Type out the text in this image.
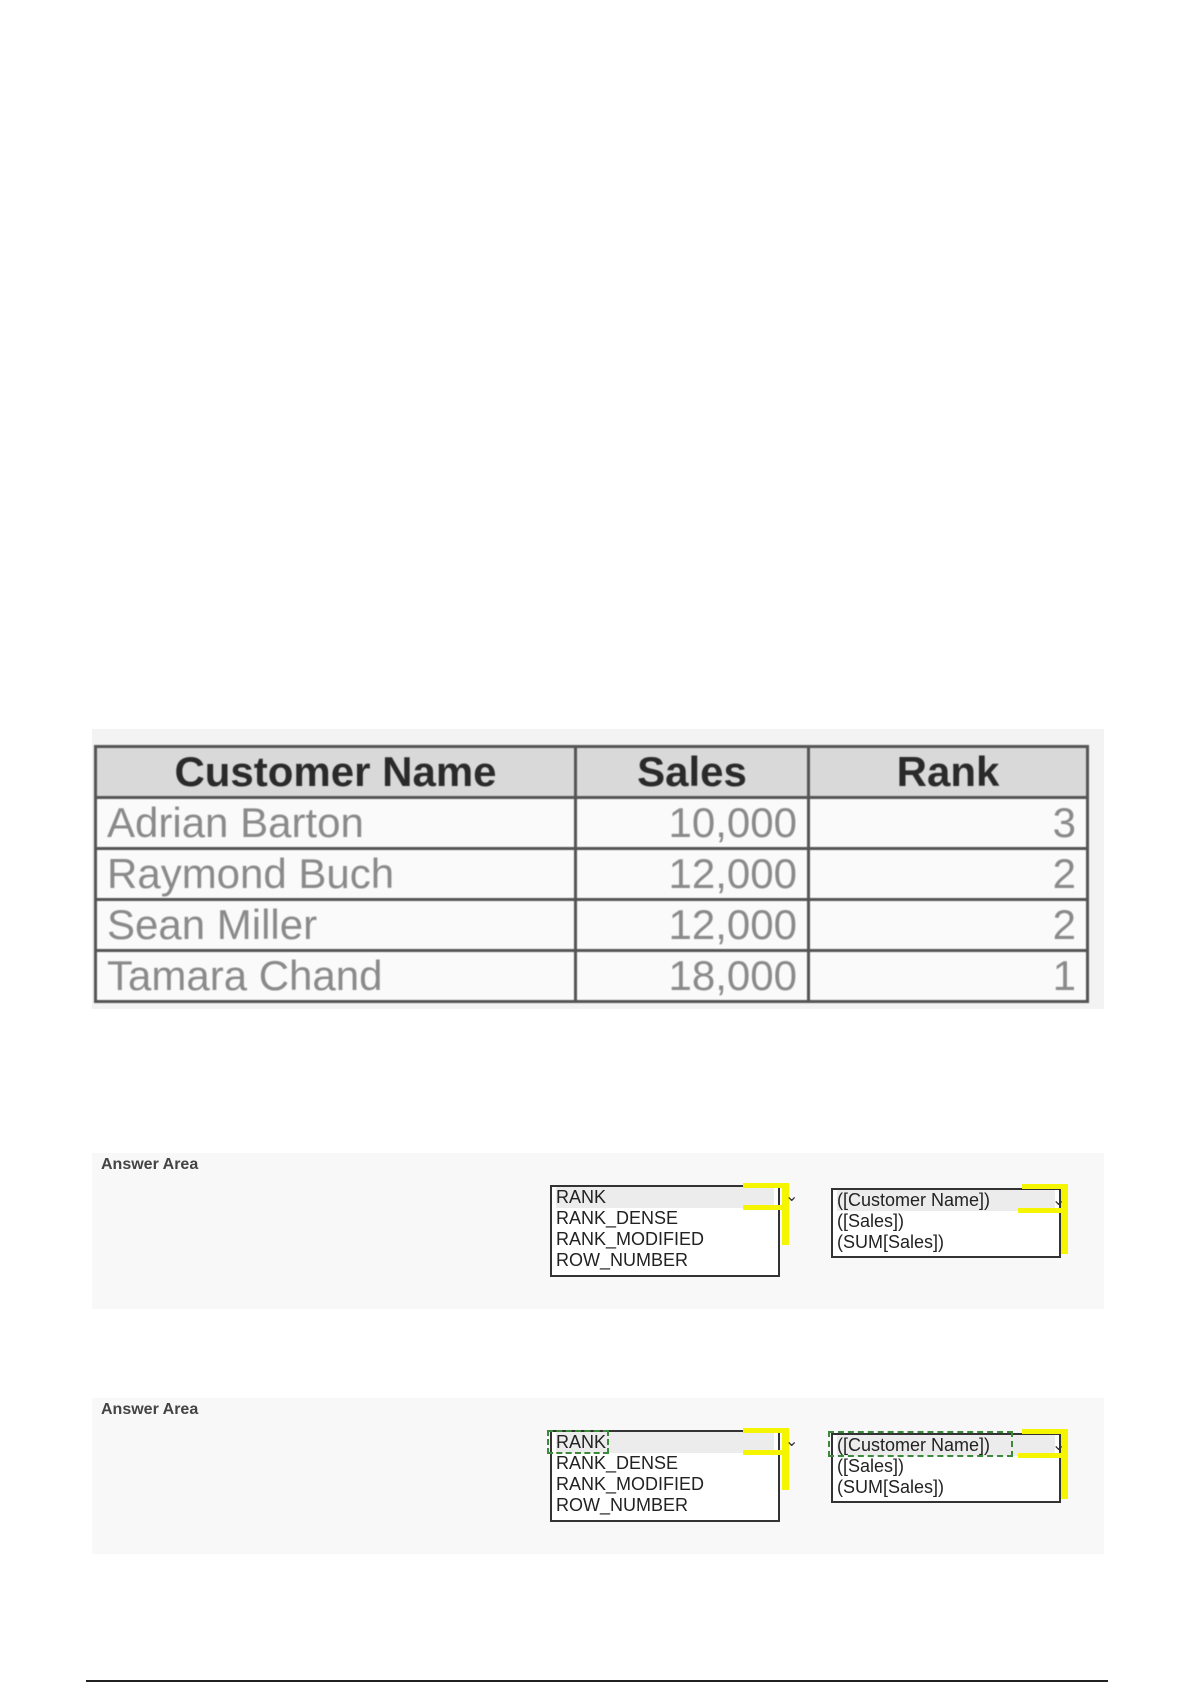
Customer Name	Sales	Rank
Adrian Barton	10,000	3
Raymond Buch	12,000	2
Sean Miller	12,000	2
Tamara Chand	18,000	1
Answer Area
RANK
RANK_DENSE
RANK_MODIFIED
ROW_NUMBER
⌄ ([Customer Name])
([Sales])
(SUM[Sales])
⌄
Answer Area
RANK
RANK_DENSE
RANK_MODIFIED
ROW_NUMBER
⌄ ([Customer Name])
([Sales])
(SUM[Sales])
⌄
